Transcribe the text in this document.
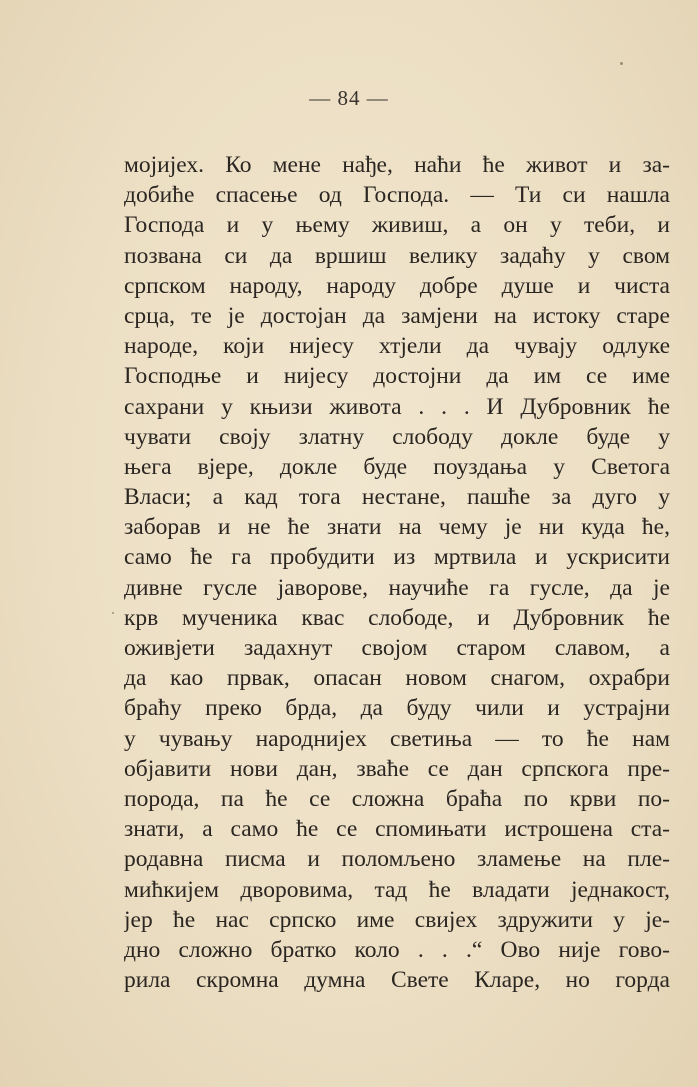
— 84 —
мојијех. Ко мене нађе, наћи ће живот и за-
добиће спасење од Господа. — Ти си нашла
Господа и у њему живиш, а он у теби, и
позвана си да вршиш велику задаћу у свом
српском народу, народу добре душе и чиста
срца, те је достојан да замјени на истоку старе
народе, који нијесу хтјели да чувају одлуке
Господње и нијесу достојни да им се име
сахрани у књизи живота . . . И Дубровник ће
чувати своју златну слободу докле буде у
њега вјере, докле буде поуздања у Светога
Власи; а кад тога нестане, пашће за дуго у
заборав и не ће знати на чему је ни куда ће,
само ће га пробудити из мртвила и ускрисити
дивне гусле јаворове, научиће га гусле, да је
крв мученика квас слободе, и Дубровник ће
оживјети задахнут својом старом славом, а
да као првак, опасан новом снагом, охрабри
браћу преко брда, да буду чили и устрајни
у чувању народнијех светиња — то ће нам
објавити нови дан, зваће се дан српскога пре-
порода, па ће се сложна браћа по крви по-
знати, а само ће се спомињати истрошена ста-
родавна писма и поломљено зламење на пле-
мићкијем дворовима, тад ће владати једнакост,
јер ће нас српско име свијех здружити у је-
дно сложно братко коло . . .“ Ово није гово-
рила скромна думна Свете Кларе, но горда
